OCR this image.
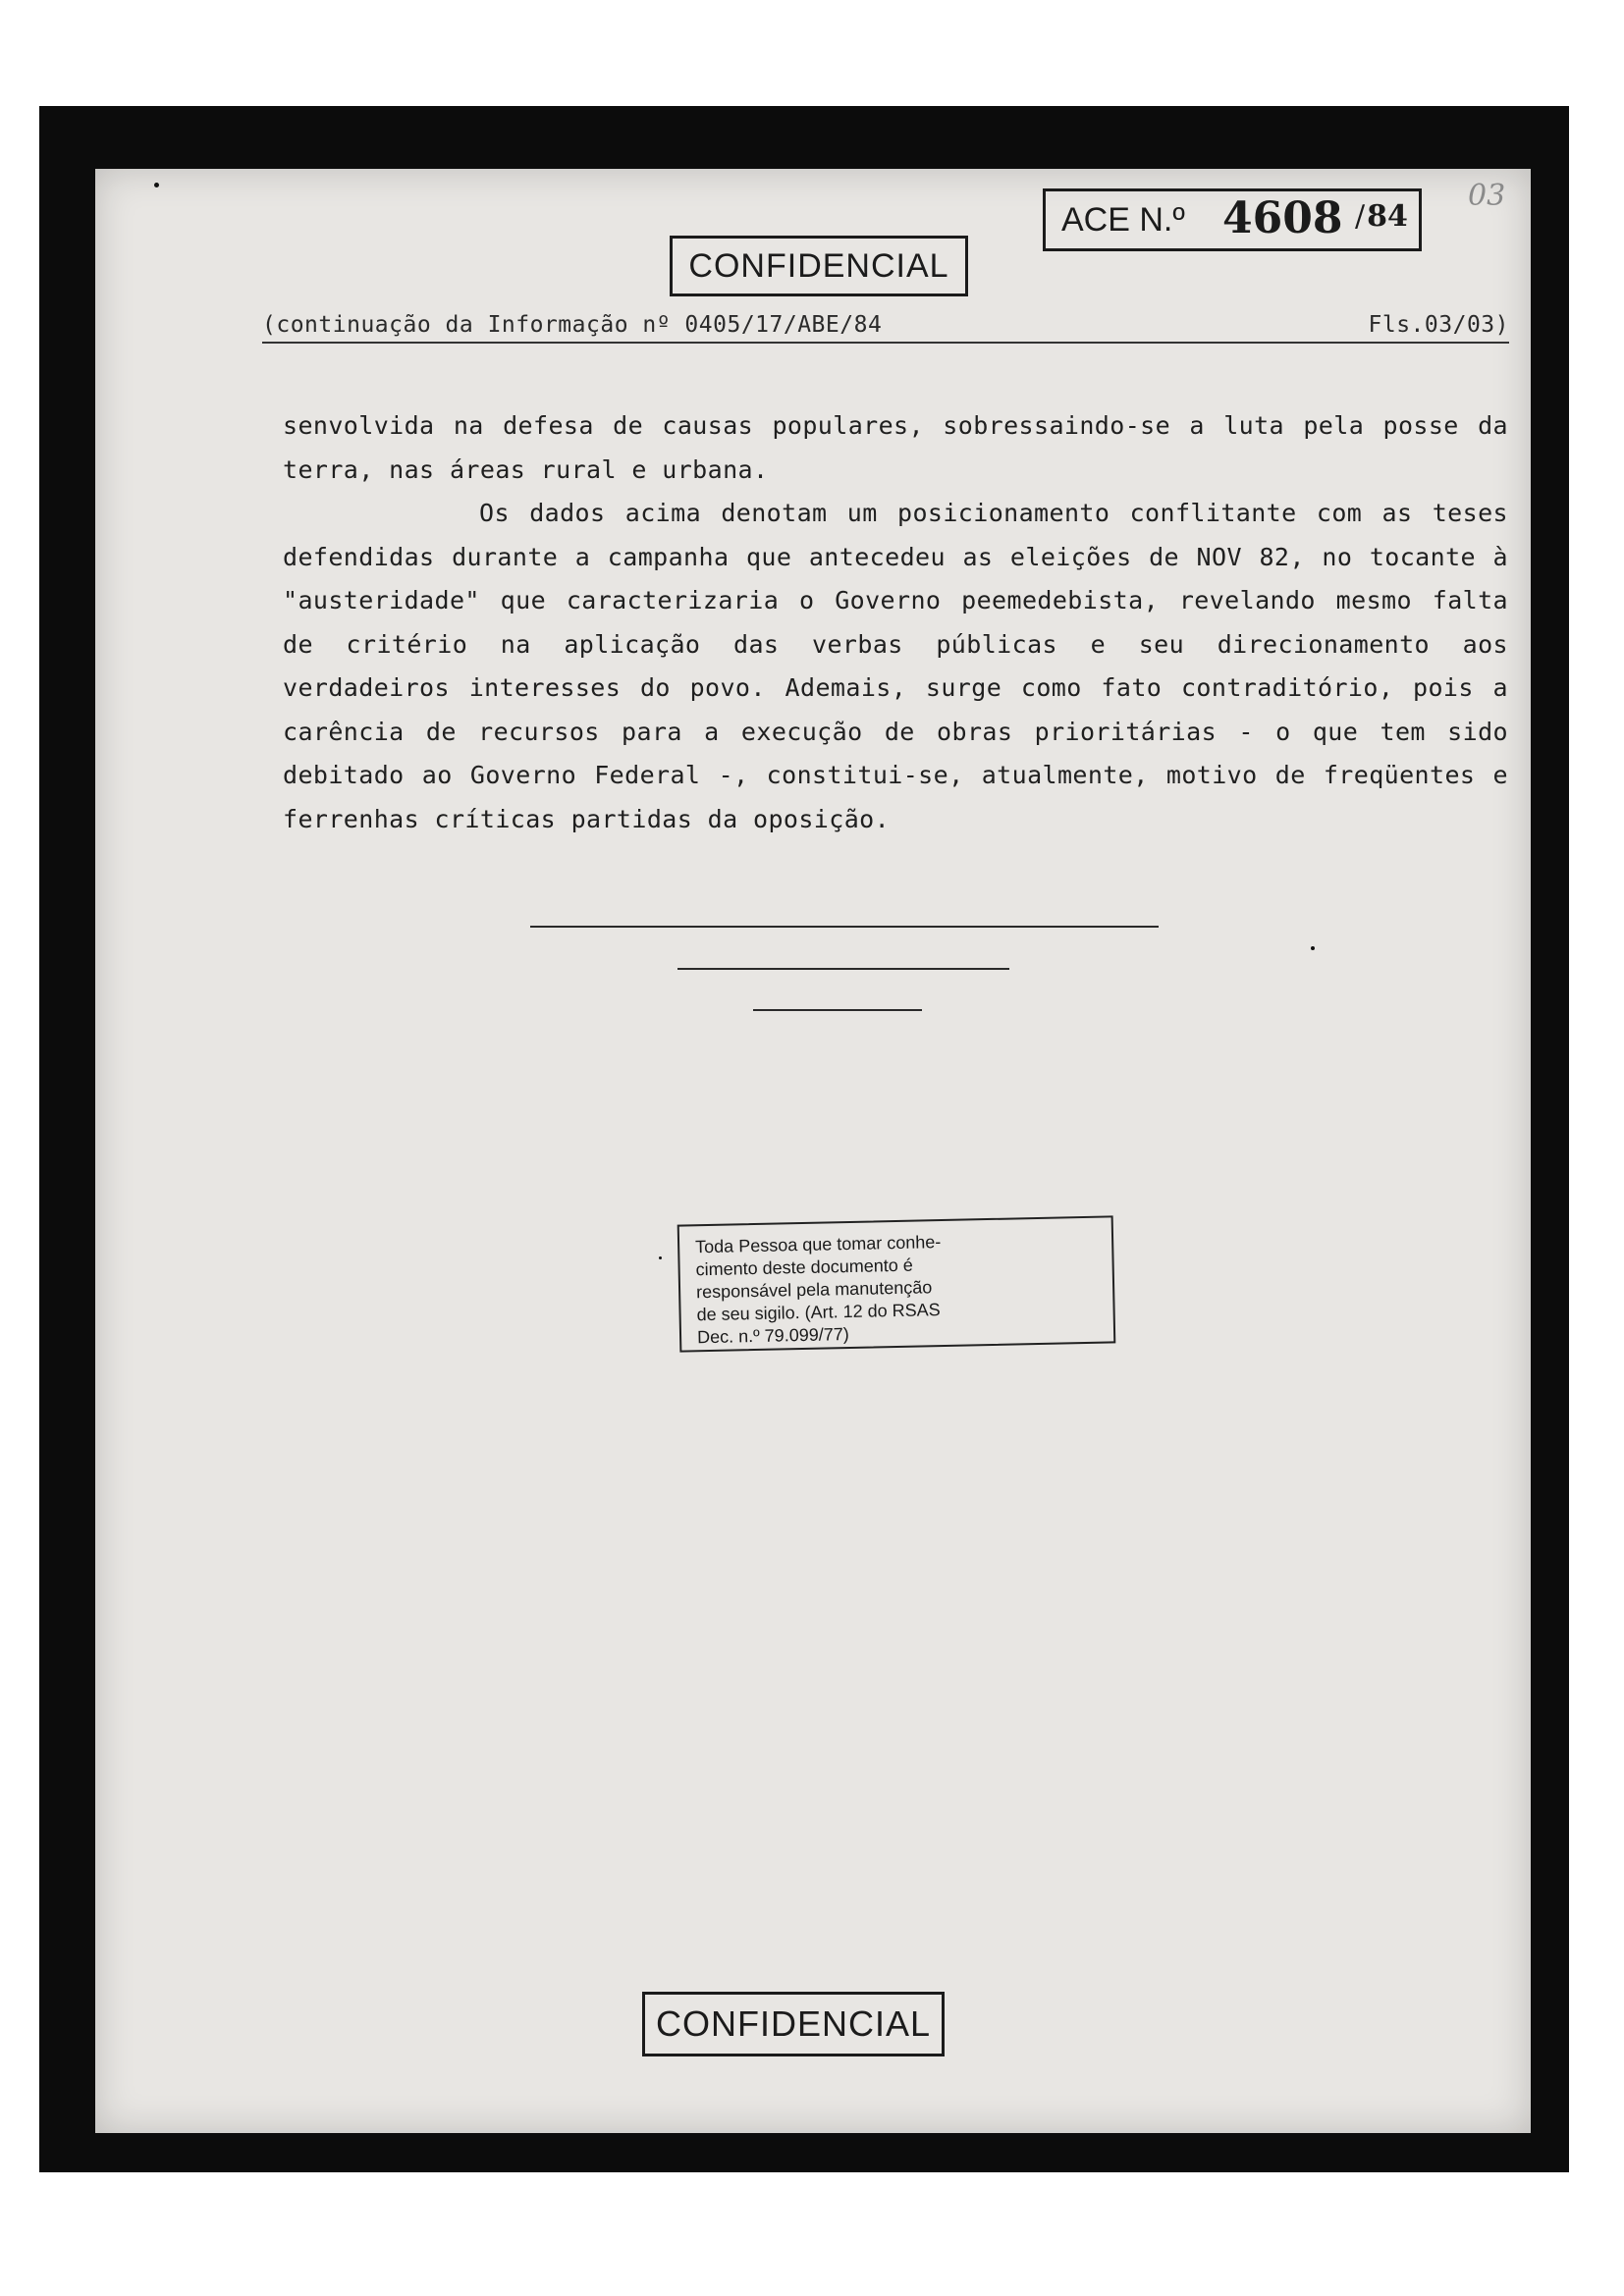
03
ACE N.º 4608
/ 84
CONFIDENCIAL
( continuação da Informação nº 0405/17/ABE/84	Fls.03/03 )

senvolvida na defesa de causas populares, sobressaindo-se a luta pela posse da terra, nas áreas rural e urbana.

Os dados acima denotam um posicionamento conflitante com as teses defendidas durante a campanha que antecedeu as eleições de NOV 82, no tocante à "austeridade" que caracterizaria o Governo peemedebista, revelando mesmo falta de critério na aplicação das verbas públicas e seu direcionamento aos verdadeiros interesses do povo. Ademais, surge como fato contraditório, pois a carência de recursos para a execução de obras prioritárias - o que tem sido debitado ao Governo Federal -, constitui-se, atualmente, motivo de freqüentes e ferrenhas críticas partidas da oposição.

Toda Pessoa que tomar conhe-
cimento deste documento é
responsável pela manutenção
de seu sigilo. (Art. 12 do RSAS
Dec. n.º 79.099/77)
CONFIDENCIAL
